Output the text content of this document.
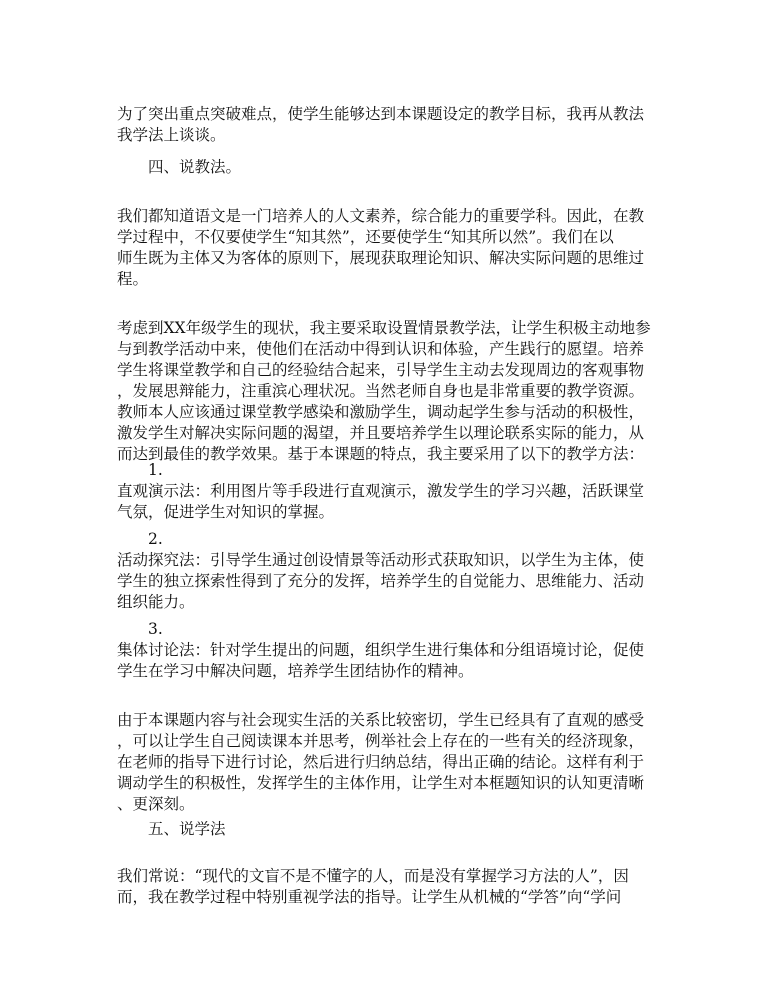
为了突出重点突破难点，使学生能够达到本课题设定的教学目标，我再从教法

我学法上谈谈。

四、说教法。

我们都知道语文是一门培养人的人文素养，综合能力的重要学科。因此，在教

学过程中，不仅要使学生“知其然”，还要使学生“知其所以然”。我们在以

师生既为主体又为客体的原则下，展现获取理论知识、解决实际问题的思维过

程。

考虑到XX年级学生的现状，我主要采取设置情景教学法，让学生积极主动地参

与到教学活动中来，使他们在活动中得到认识和体验，产生践行的愿望。培养

学生将课堂教学和自己的经验结合起来，引导学生主动去发现周边的客观事物

，发展思辩能力，注重滨心理状况。当然老师自身也是非常重要的教学资源。

教师本人应该通过课堂教学感染和激励学生，调动起学生参与活动的积极性，

激发学生对解决实际问题的渴望，并且要培养学生以理论联系实际的能力，从

而达到最佳的教学效果。基于本课题的特点，我主要采用了以下的教学方法：

1.

直观演示法：利用图片等手段进行直观演示，激发学生的学习兴趣，活跃课堂

气氛，促进学生对知识的掌握。

2.

活动探究法：引导学生通过创设情景等活动形式获取知识，以学生为主体，使

学生的独立探索性得到了充分的发挥，培养学生的自觉能力、思维能力、活动

组织能力。

3.

集体讨论法：针对学生提出的问题，组织学生进行集体和分组语境讨论，促使

学生在学习中解决问题，培养学生团结协作的精神。

由于本课题内容与社会现实生活的关系比较密切，学生已经具有了直观的感受

，可以让学生自己阅读课本并思考，例举社会上存在的一些有关的经济现象，

在老师的指导下进行讨论，然后进行归纳总结，得出正确的结论。这样有利于

调动学生的积极性，发挥学生的主体作用，让学生对本框题知识的认知更清晰

、更深刻。

五、说学法

我们常说：“现代的文盲不是不懂字的人，而是没有掌握学习方法的人”，因

而，我在教学过程中特别重视学法的指导。让学生从机械的“学答”向“学问
